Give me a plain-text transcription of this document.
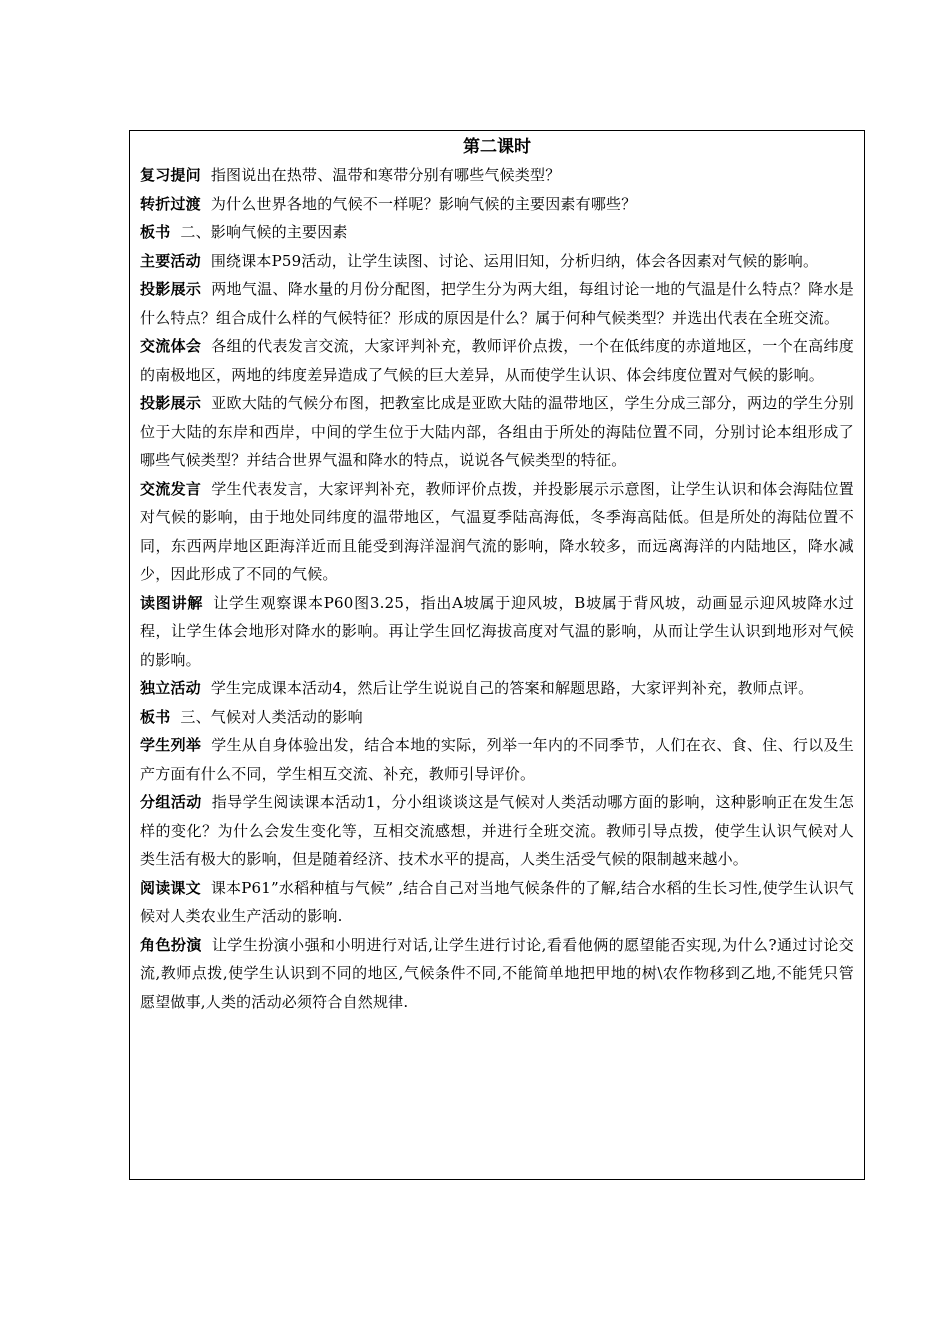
第二课时

复习提问 指图说出在热带、温带和寒带分别有哪些气候类型？

转折过渡 为什么世界各地的气候不一样呢？影响气候的主要因素有哪些？

板书 二、影响气候的主要因素

主要活动 围绕课本P59活动，让学生读图、讨论、运用旧知，分析归纳，体会各因素对气候的影响。

投影展示 两地气温、降水量的月份分配图，把学生分为两大组，每组讨论一地的气温是什么特点？降水是什么特点？组合成什么样的气候特征？形成的原因是什么？属于何种气候类型？并选出代表在全班交流。

交流体会 各组的代表发言交流，大家评判补充，教师评价点拨，一个在低纬度的赤道地区，一个在高纬度的南极地区，两地的纬度差异造成了气候的巨大差异，从而使学生认识、体会纬度位置对气候的影响。

投影展示 亚欧大陆的气候分布图，把教室比成是亚欧大陆的温带地区，学生分成三部分，两边的学生分别位于大陆的东岸和西岸，中间的学生位于大陆内部，各组由于所处的海陆位置不同，分别讨论本组形成了哪些气候类型？并结合世界气温和降水的特点，说说各气候类型的特征。

交流发言 学生代表发言，大家评判补充，教师评价点拨，并投影展示示意图，让学生认识和体会海陆位置对气候的影响，由于地处同纬度的温带地区，气温夏季陆高海低，冬季海高陆低。但是所处的海陆位置不同，东西两岸地区距海洋近而且能受到海洋湿润气流的影响，降水较多，而远离海洋的内陆地区，降水减少，因此形成了不同的气候。

读图讲解 让学生观察课本P60图3.25，指出A坡属于迎风坡，B坡属于背风坡，动画显示迎风坡降水过程，让学生体会地形对降水的影响。再让学生回忆海拔高度对气温的影响，从而让学生认识到地形对气候的影响。

独立活动 学生完成课本活动4，然后让学生说说自己的答案和解题思路，大家评判补充，教师点评。

板书 三、气候对人类活动的影响

学生列举 学生从自身体验出发，结合本地的实际，列举一年内的不同季节，人们在衣、食、住、行以及生产方面有什么不同，学生相互交流、补充，教师引导评价。

分组活动 指导学生阅读课本活动1，分小组谈谈这是气候对人类活动哪方面的影响，这种影响正在发生怎样的变化？为什么会发生变化等，互相交流感想，并进行全班交流。教师引导点拨，使学生认识气候对人类生活有极大的影响，但是随着经济、技术水平的提高，人类生活受气候的限制越来越小。

阅读课文 课本P61”水稻种植与气候” ,结合自己对当地气候条件的了解,结合水稻的生长习性,使学生认识气候对人类农业生产活动的影响.

角色扮演 让学生扮演小强和小明进行对话,让学生进行讨论,看看他俩的愿望能否实现,为什么?通过讨论交流,教师点拨,使学生认识到不同的地区,气候条件不同,不能简单地把甲地的树\农作物移到乙地,不能凭只管愿望做事,人类的活动必须符合自然规律.
